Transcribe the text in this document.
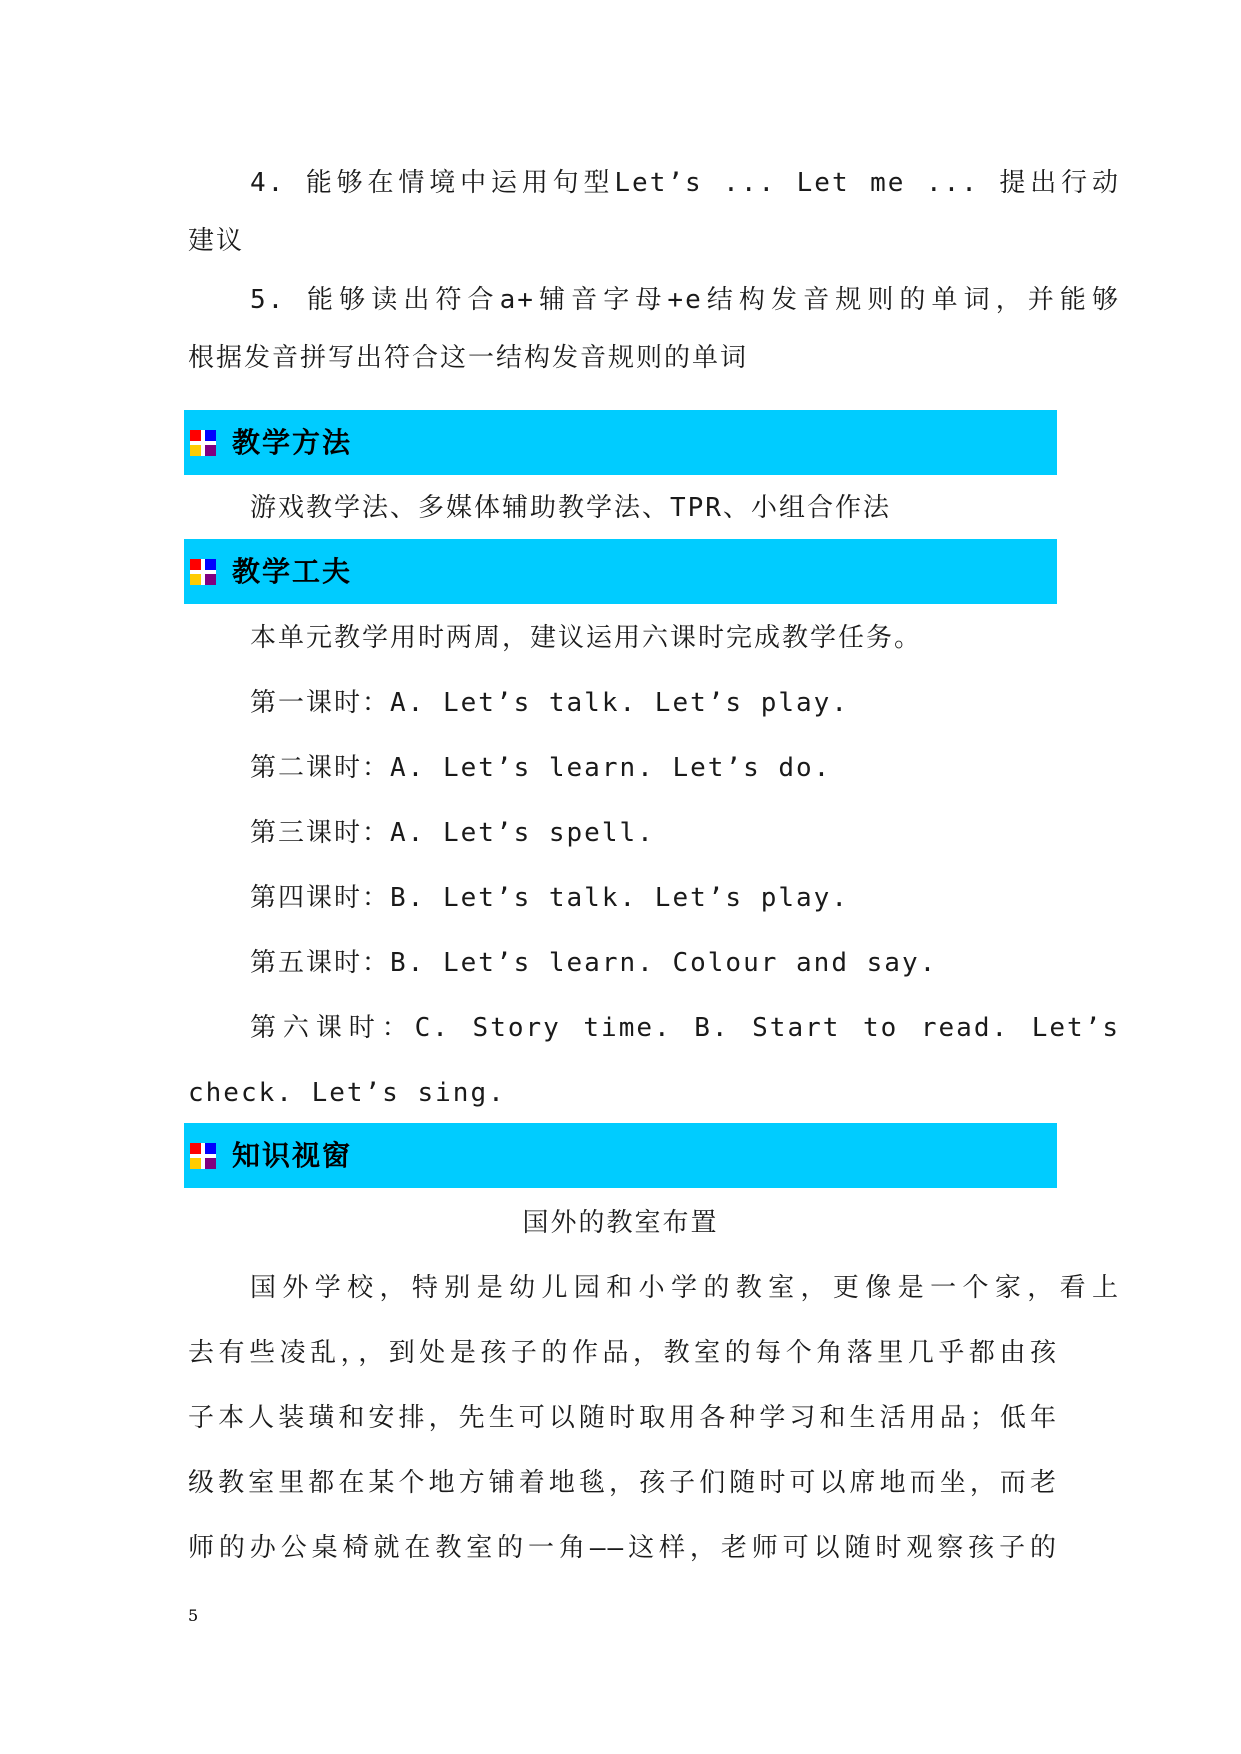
4. 能够在情境中运用句型Let’s ... Let me ... 提出行动
建议
5. 能够读出符合a+辅音字母+e结构发音规则的单词，并能够
根据发音拼写出符合这一结构发音规则的单词
教学方法
游戏教学法、多媒体辅助教学法、TPR、小组合作法
教学工夫
本单元教学用时两周，建议运用六课时完成教学任务。
第一课时：A. Let’s talk. Let’s play.
第二课时：A. Let’s learn. Let’s do.
第三课时：A. Let’s spell.
第四课时：B. Let’s talk. Let’s play.
第五课时：B. Let’s learn. Colour and say.
第六课时：C. Story time. B. Start to read. Let’s
check. Let’s sing.
知识视窗
国外的教室布置
国外学校，特别是幼儿园和小学的教室，更像是一个家，看上
去有些凌乱，，到处是孩子的作品，教室的每个角落里几乎都由孩
子本人装璜和安排，先生可以随时取用各种学习和生活用品；低年
级教室里都在某个地方铺着地毯，孩子们随时可以席地而坐，而老
师的办公桌椅就在教室的一角——这样，老师可以随时观察孩子的
5
